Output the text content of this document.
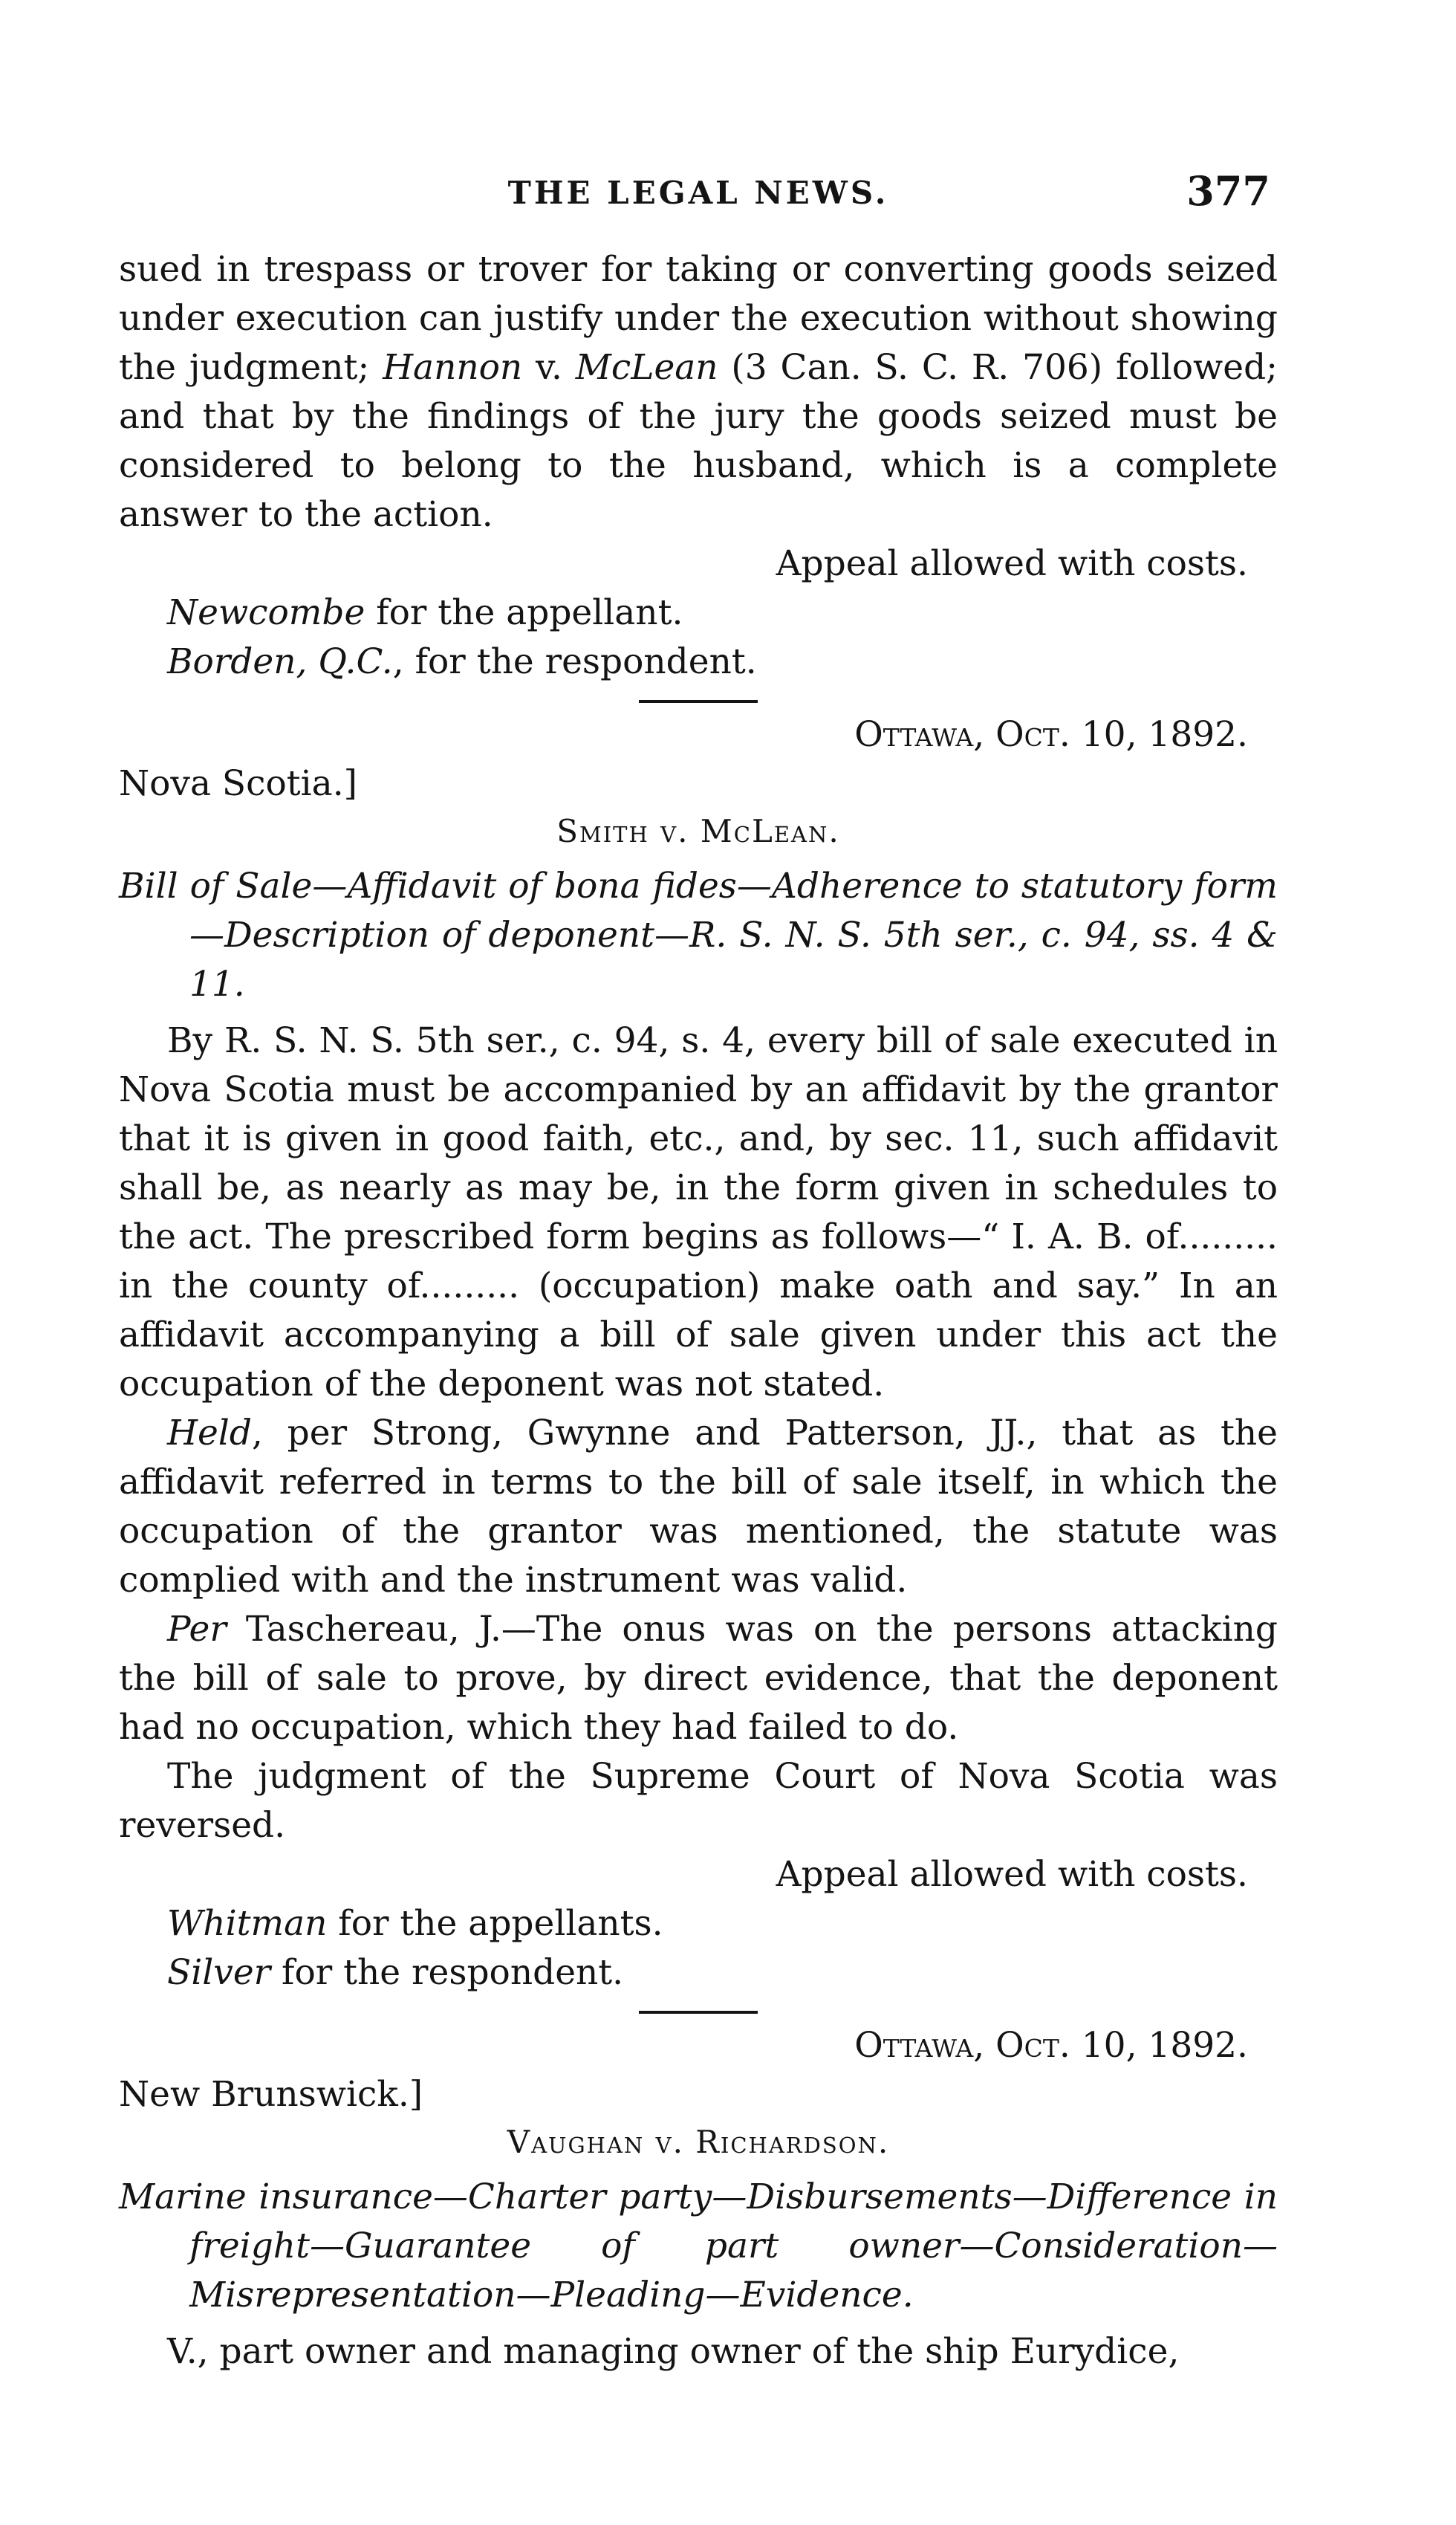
THE LEGAL NEWS.	377

sued in trespass or trover for taking or converting goods seized under execution can justify under the execution without showing the judgment; Hannon v. McLean (3 Can. S. C. R. 706) followed; and that by the findings of the jury the goods seized must be considered to belong to the husband, which is a complete answer to the action.

Appeal allowed with costs.

Newcombe for the appellant.
Borden, Q.C., for the respondent.
Ottawa, Oct. 10, 1892.
Nova Scotia.]
Smith v. McLean.
Bill of Sale—Affidavit of bona fides—Adherence to statutory form—Description of deponent—R. S. N. S. 5th ser., c. 94, ss. 4 & 11.

By R. S. N. S. 5th ser., c. 94, s. 4, every bill of sale executed in Nova Scotia must be accompanied by an affidavit by the grantor that it is given in good faith, etc., and, by sec. 11, such affidavit shall be, as nearly as may be, in the form given in schedules to the act. The prescribed form begins as follows—“ I. A. B. of......... in the county of......... (occupation) make oath and say.” In an affidavit accompanying a bill of sale given under this act the occupation of the deponent was not stated.

Held, per Strong, Gwynne and Patterson, JJ., that as the affidavit referred in terms to the bill of sale itself, in which the occupation of the grantor was mentioned, the statute was complied with and the instrument was valid.

Per Taschereau, J.—The onus was on the persons attacking the bill of sale to prove, by direct evidence, that the deponent had no occupation, which they had failed to do.

The judgment of the Supreme Court of Nova Scotia was reversed.

Appeal allowed with costs.

Whitman for the appellants.
Silver for the respondent.
Ottawa, Oct. 10, 1892.
New Brunswick.]
Vaughan v. Richardson.
Marine insurance—Charter party—Disbursements—Difference in freight—Guarantee of part owner—Consideration—Misrepresentation—Pleading—Evidence.

V., part owner and managing owner of the ship Eurydice,
